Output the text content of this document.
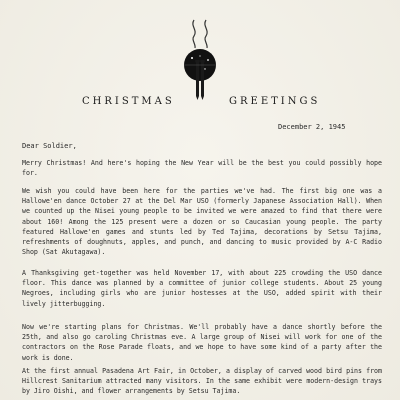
CHRISTMAS	GREETINGS
December 2, 1945
Dear Soldier,

Merry Christmas! And here's hoping the New Year will be the best you could possibly hope for.

We wish you could have been here for the parties we've had. The first big one was a Hallowe'en dance October 27 at the Del Mar USO (formerly Japanese Association Hall). When we counted up the Nisei young people to be invited we were amazed to find that there were about 160! Among the 125 present were a dozen or so Caucasian young people. The party featured Hallowe'en games and stunts led by Ted Tajima, decorations by Setsu Tajima, refreshments of doughnuts, apples, and punch, and dancing to music provided by A-C Radio Shop (Sat Akutagawa).

A Thanksgiving get-together was held November 17, with about 225 crowding the USO dance floor. This dance was planned by a committee of junior college students. About 25 young Negroes, including girls who are junior hostesses at the USO, added spirit with their lively jitterbugging.

Now we're starting plans for Christmas. We'll probably have a dance shortly before the 25th, and also go caroling Christmas eve. A large group of Nisei will work for one of the contractors on the Rose Parade floats, and we hope to have some kind of a party after the work is done.

At the first annual Pasadena Art Fair, in October, a display of carved wood bird pins from Hillcrest Sanitarium attracted many visitors. In the same exhibit were modern-design trays by Jiro Oishi, and flower arrangements by Setsu Tajima.
